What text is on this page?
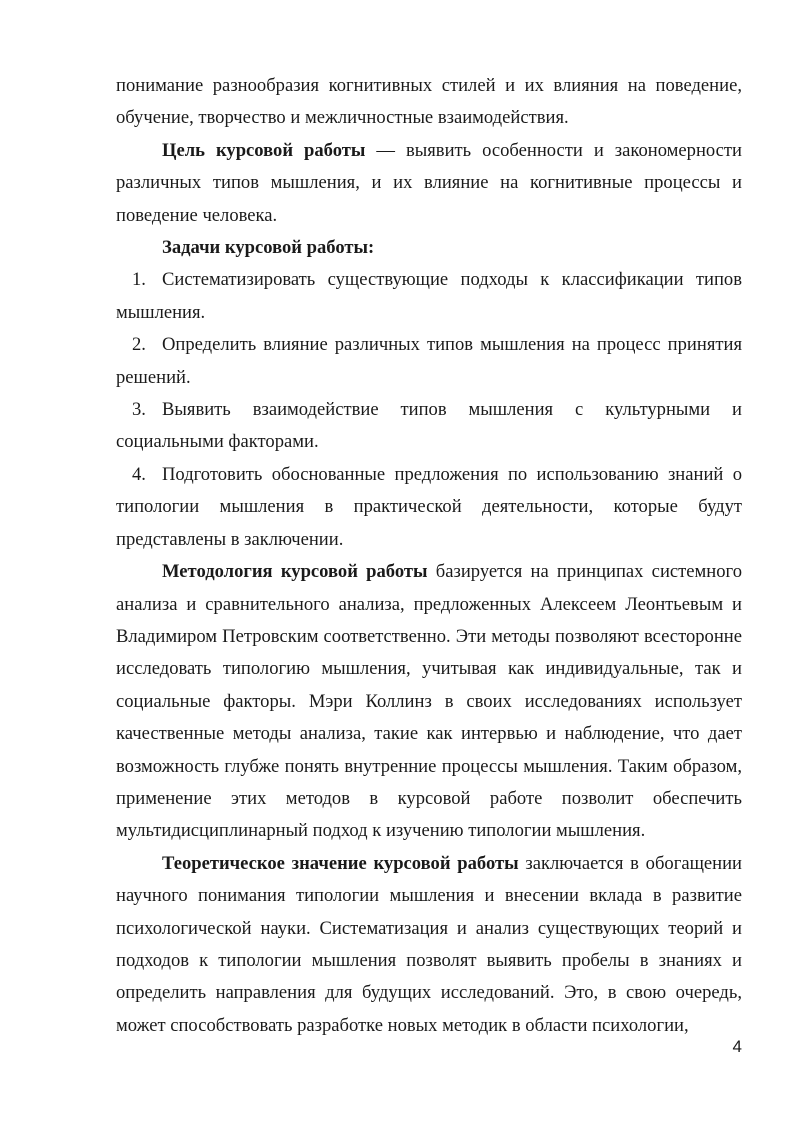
понимание разнообразия когнитивных стилей и их влияния на поведение, обучение, творчество и межличностные взаимодействия.

Цель курсовой работы — выявить особенности и закономерности различных типов мышления, и их влияние на когнитивные процессы и поведение человека.

Задачи курсовой работы:

1. Систематизировать существующие подходы к классификации типов мышления.
2. Определить влияние различных типов мышления на процесс принятия решений.
3. Выявить взаимодействие типов мышления с культурными и социальными факторами.
4. Подготовить обоснованные предложения по использованию знаний о типологии мышления в практической деятельности, которые будут представлены в заключении.

Методология курсовой работы базируется на принципах системного анализа и сравнительного анализа, предложенных Алексеем Леонтьевым и Владимиром Петровским соответственно. Эти методы позволяют всесторонне исследовать типологию мышления, учитывая как индивидуальные, так и социальные факторы. Мэри Коллинз в своих исследованиях использует качественные методы анализа, такие как интервью и наблюдение, что дает возможность глубже понять внутренние процессы мышления. Таким образом, применение этих методов в курсовой работе позволит обеспечить мультидисциплинарный подход к изучению типологии мышления.

Теоретическое значение курсовой работы заключается в обогащении научного понимания типологии мышления и внесении вклада в развитие психологической науки. Систематизация и анализ существующих теорий и подходов к типологии мышления позволят выявить пробелы в знаниях и определить направления для будущих исследований. Это, в свою очередь, может способствовать разработке новых методик в области психологии,

4
